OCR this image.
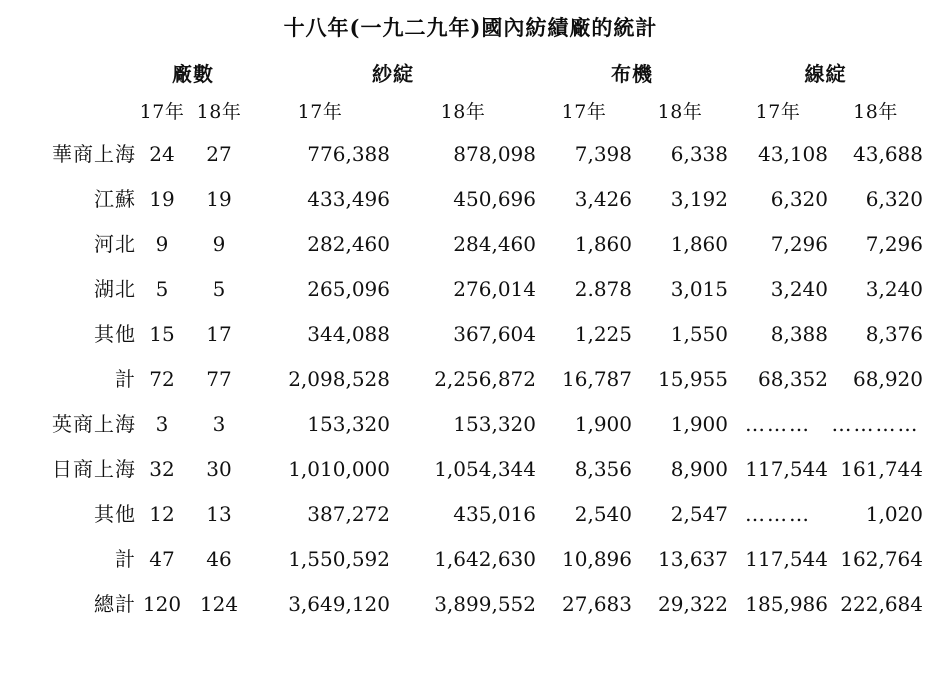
十八年(一九二九年)國內紡績廠的統計
	廠數		紗綻		布機		線綻	
	17年	18年	17年	18年	17年	18年	17年	18年
華商上海	24	27	776,388	878,098	7,398	6,338	43,108	43,688
江蘇	19	19	433,496	450,696	3,426	3,192	6,320	6,320
河北	9	9	282,460	284,460	1,860	1,860	7,296	7,296
湖北	5	5	265,096	276,014	2.878	3,015	3,240	3,240
其他	15	17	344,088	367,604	1,225	1,550	8,388	8,376
計	72	77	2,098,528	2,256,872	16,787	15,955	68,352	68,920
英商上海	3	3	153,320	153,320	1,900	1,900	………	…………
日商上海	32	30	1,010,000	1,054,344	8,356	8,900	117,544	161,744
其他	12	13	387,272	435,016	2,540	2,547	………	1,020
計	47	46	1,550,592	1,642,630	10,896	13,637	117,544	162,764
總計	120	124	3,649,120	3,899,552	27,683	29,322	185,986	222,684
